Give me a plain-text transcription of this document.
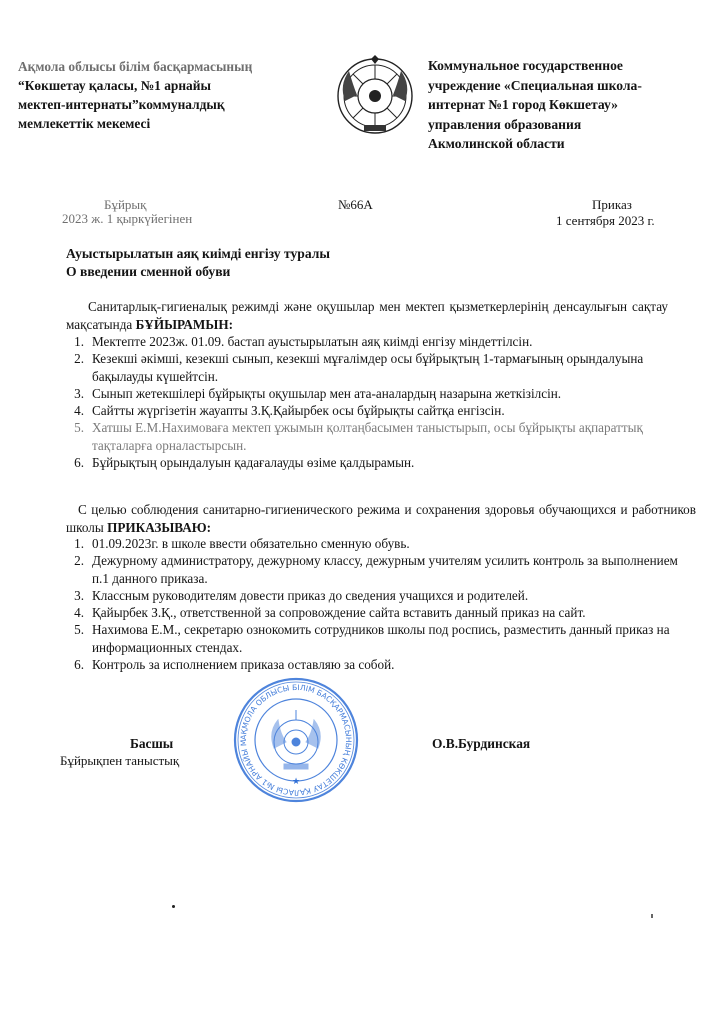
Ақмола облысы білім басқармасының
“Көкшетау қаласы, №1 арнайы
мектеп-интернаты”коммуналдық
мемлекеттік мекемесі
Коммунальное государственное
учреждение «Специальная школа-
интернат №1 город Көкшетау»
управления образования
Акмолинской области
Бұйрық
2023 ж. 1 қыркүйегінен
№66А	Приказ
1 сентября 2023 г.
Ауыстырылатын аяқ киімді енгізу туралы
О введении сменной обуви
Санитарлық-гигиеналық режимді және оқушылар мен мектеп қызметкерлерінің денсаулығын сақтау мақсатында БҰЙЫРАМЫН:
1. Мектепте 2023ж. 01.09. бастап ауыстырылатын аяқ киімді енгізу міндеттілсін.
2. Кезекші әкімші, кезекші сынып, кезекші мұғалімдер осы бұйрықтың 1-тармағының орындалуына бақылауды күшейтсін.
3. Сынып жетекшілері бұйрықты оқушылар мен ата-аналардың назарына жеткізілсін.
4. Сайтты жүргізетін жауапты З.Қ.Қайырбек осы бұйрықты сайтқа енгізсін.
5. Хатшы Е.М.Нахимоваға мектеп ұжымын қолтаңбасымен таныстырып, осы бұйрықты ақпараттық тақталарға орналастырсын.
6. Бұйрықтың орындалуын қадағалауды өзіме қалдырамын.
С целью соблюдения санитарно-гигиенического режима и сохранения здоровья обучающихся и работников школы ПРИКАЗЫВАЮ:
1. 01.09.2023г. в школе ввести обязательно сменную обувь.
2. Дежурному администратору, дежурному классу, дежурным учителям усилить контроль за выполнением п.1 данного приказа.
3. Классным руководителям довести приказ до сведения учащихся и родителей.
4. Қайырбек З.Қ., ответственной за сопровождение сайта вставить данный приказ на сайт.
5. Нахимова Е.М., секретарю ознокомить сотрудников школы под роспись, разместить данный приказ на информационных стендах.
6. Контроль за исполнением приказа оставляю за собой.
АҚМОЛА ОБЛЫСЫ БІЛІМ БАСҚАРМАСЫНЫҢ КӨКШЕТАУ ҚАЛАСЫ №1 АРНАЙЫ М
★
Басшы	О.В.Бурдинская
Бұйрықпен таныстық
